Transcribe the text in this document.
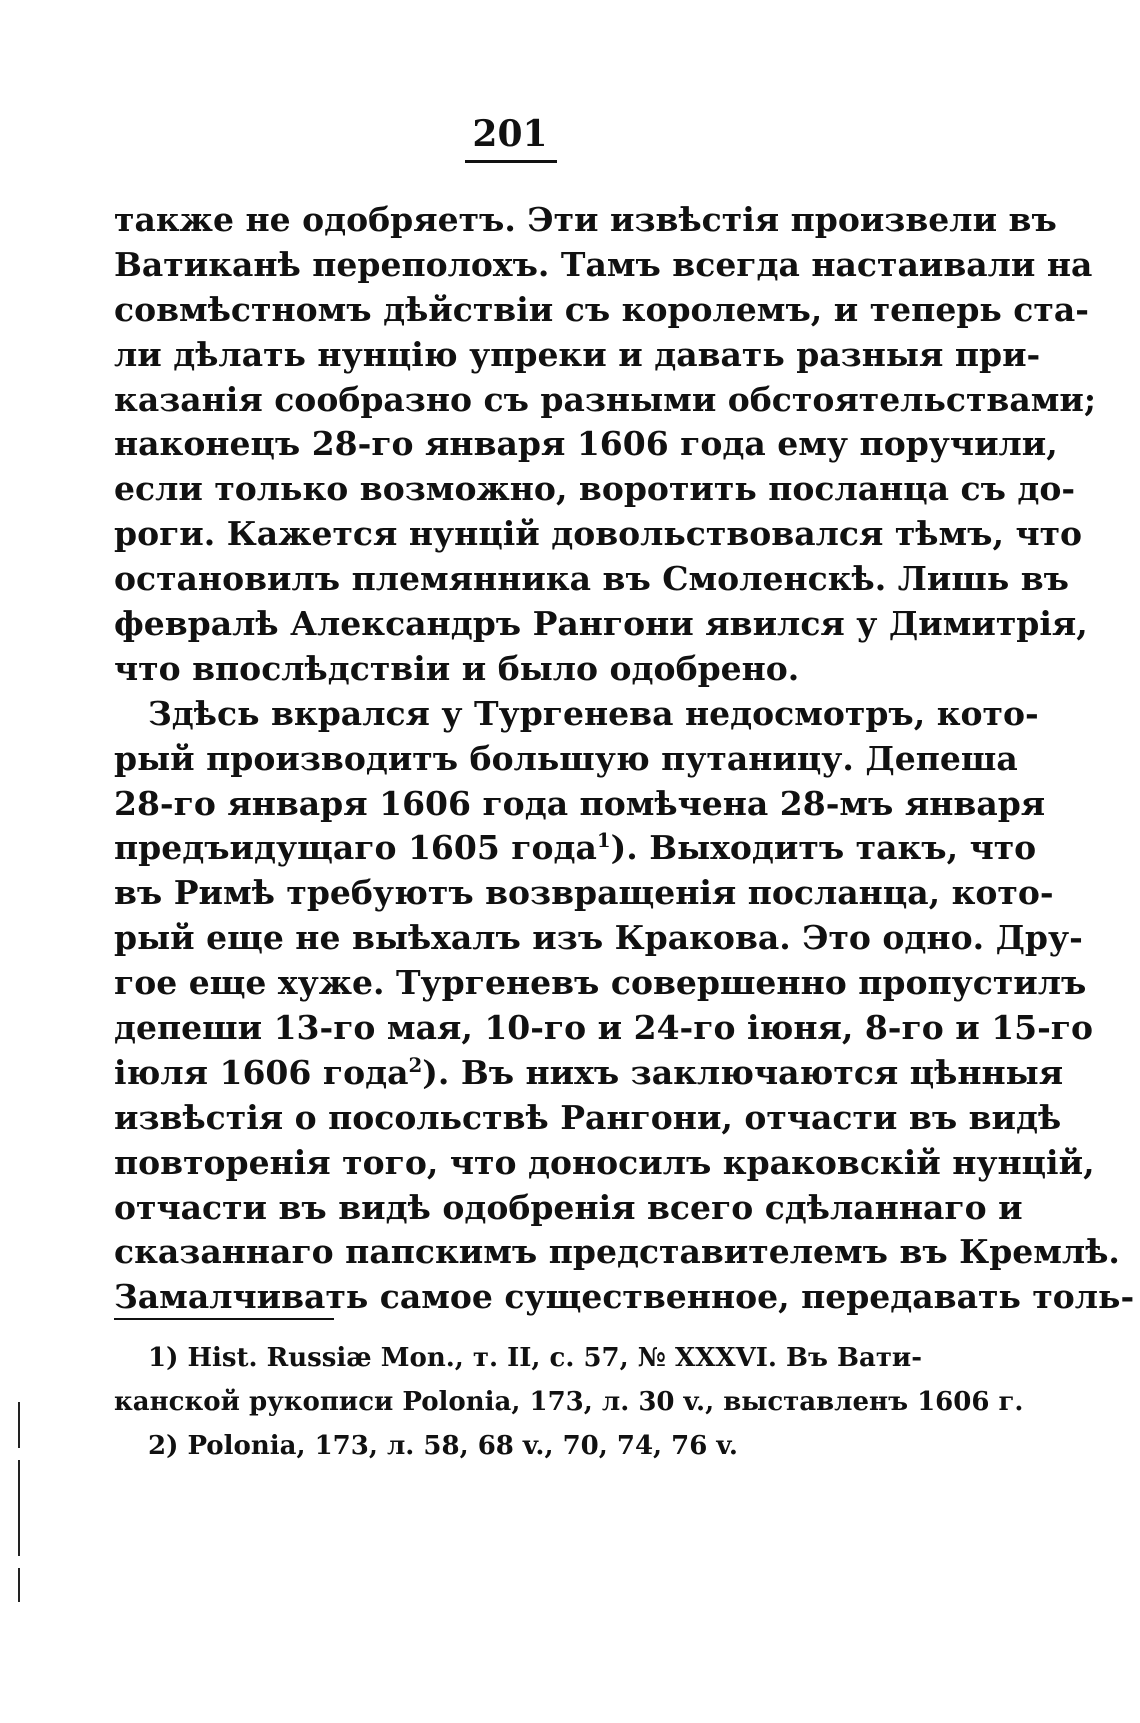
201
также не одобряетъ. Эти извѣстія произвели въ
Ватиканѣ переполохъ. Тамъ всегда настаивали на
совмѣстномъ дѣйствіи съ королемъ, и теперь ста-
ли дѣлать нунцію упреки и давать разныя при-
казанія сообразно съ разными обстоятельствами;
наконецъ 28-го января 1606 года ему поручили,
если только возможно, воротить посланца съ до-
роги. Кажется нунцій довольствовался тѣмъ, что
остановилъ племянника въ Смоленскѣ. Лишь въ
февралѣ Александръ Рангони явился у Димитрія,
что впослѣдствіи и было одобрено.
Здѣсь вкрался у Тургенева недосмотръ, кото-
рый производитъ большую путаницу. Депеша
28-го января 1606 года помѣчена 28-мъ января
предъидущаго 1605 года$^1$). Выходитъ такъ, что
въ Римѣ требуютъ возвращенія посланца, кото-
рый еще не выѣхалъ изъ Кракова. Это одно. Дру-
гое еще хуже. Тургеневъ совершенно пропустилъ
депеши 13-го мая, 10-го и 24-го іюня, 8-го и 15-го
іюля 1606 года$^2$). Въ нихъ заключаются цѣнныя
извѣстія о посольствѣ Рангони, отчасти въ видѣ
повторенія того, что доносилъ краковскій нунцій,
отчасти въ видѣ одобренія всего сдѣланнаго и
сказаннаго папскимъ представителемъ въ Кремлѣ.
Замалчивать самое существенное, передавать толь-
1) Hist. Russiæ Mon., т. II, с. 57, № XXXVI. Въ Вати-
канской рукописи Polonia, 173, л. 30 v., выставленъ 1606 г.
2) Polonia, 173, л. 58, 68 v., 70, 74, 76 v.
